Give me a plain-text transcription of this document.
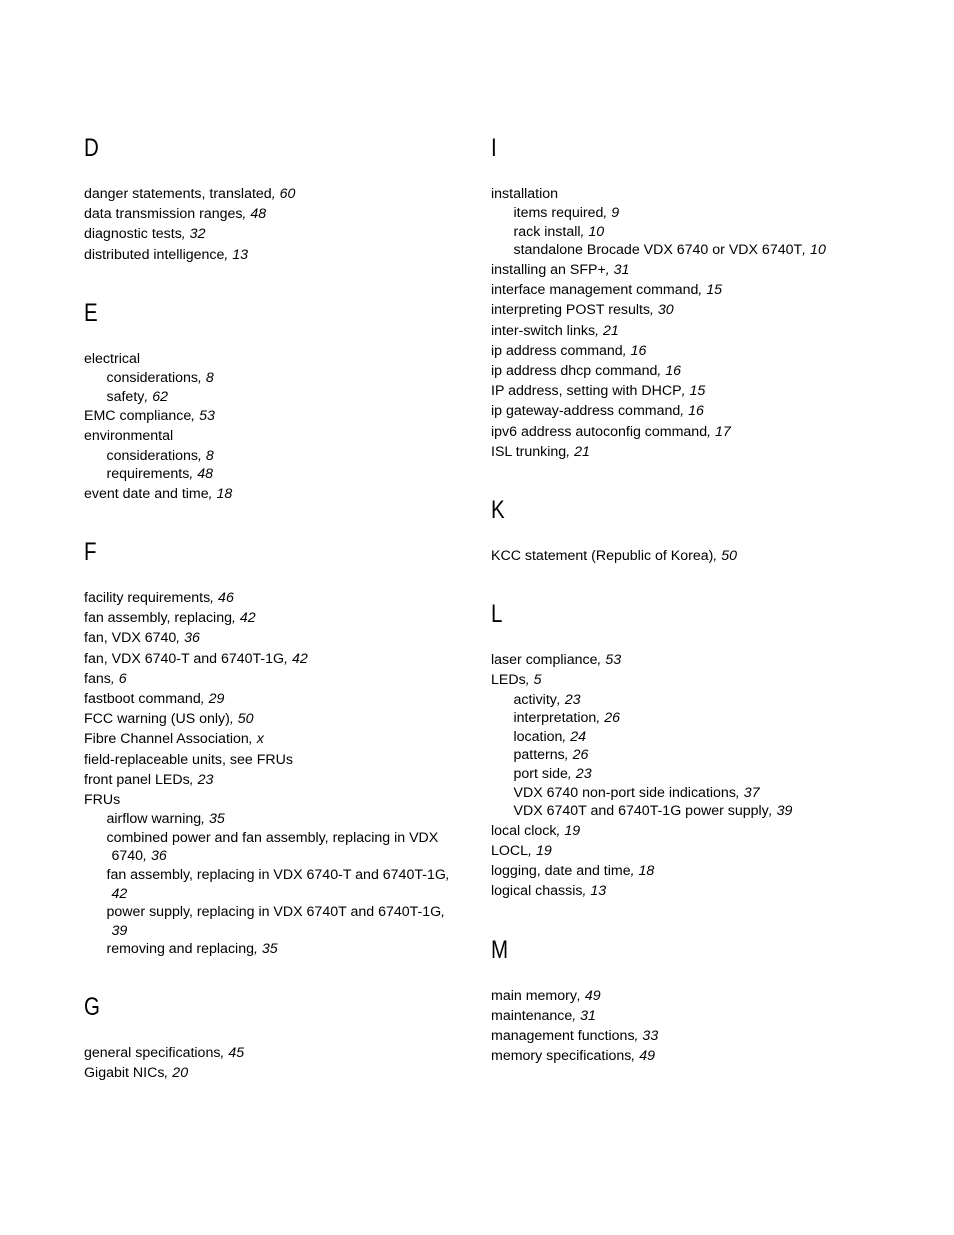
D
danger statements, translated, 60
data transmission ranges, 48
diagnostic tests, 32
distributed intelligence, 13
E
electrical
considerations, 8
safety, 62
EMC compliance, 53
environmental
considerations, 8
requirements, 48
event date and time, 18
F
facility requirements, 46
fan assembly, replacing, 42
fan, VDX 6740, 36
fan, VDX 6740-T and 6740T-1G, 42
fans, 6
fastboot command, 29
FCC warning (US only), 50
Fibre Channel Association, x
field-replaceable units, see FRUs
front panel LEDs, 23
FRUs
airflow warning, 35
combined power and fan assembly, replacing in VDX
6740, 36
fan assembly, replacing in VDX 6740-T and 6740T-1G,
42
power supply, replacing in VDX 6740T and 6740T-1G,
39
removing and replacing, 35
G
general specifications, 45
Gigabit NICs, 20
I
installation
items required, 9
rack install, 10
standalone Brocade VDX 6740 or VDX 6740T, 10
installing an SFP+, 31
interface management command, 15
interpreting POST results, 30
inter-switch links, 21
ip address command, 16
ip address dhcp command, 16
IP address, setting with DHCP, 15
ip gateway-address command, 16
ipv6 address autoconfig command, 17
ISL trunking, 21
K
KCC statement (Republic of Korea), 50
L
laser compliance, 53
LEDs, 5
activity, 23
interpretation, 26
location, 24
patterns, 26
port side, 23
VDX 6740 non-port side indications, 37
VDX 6740T and 6740T-1G power supply, 39
local clock, 19
LOCL, 19
logging, date and time, 18
logical chassis, 13
M
main memory, 49
maintenance, 31
management functions, 33
memory specifications, 49
